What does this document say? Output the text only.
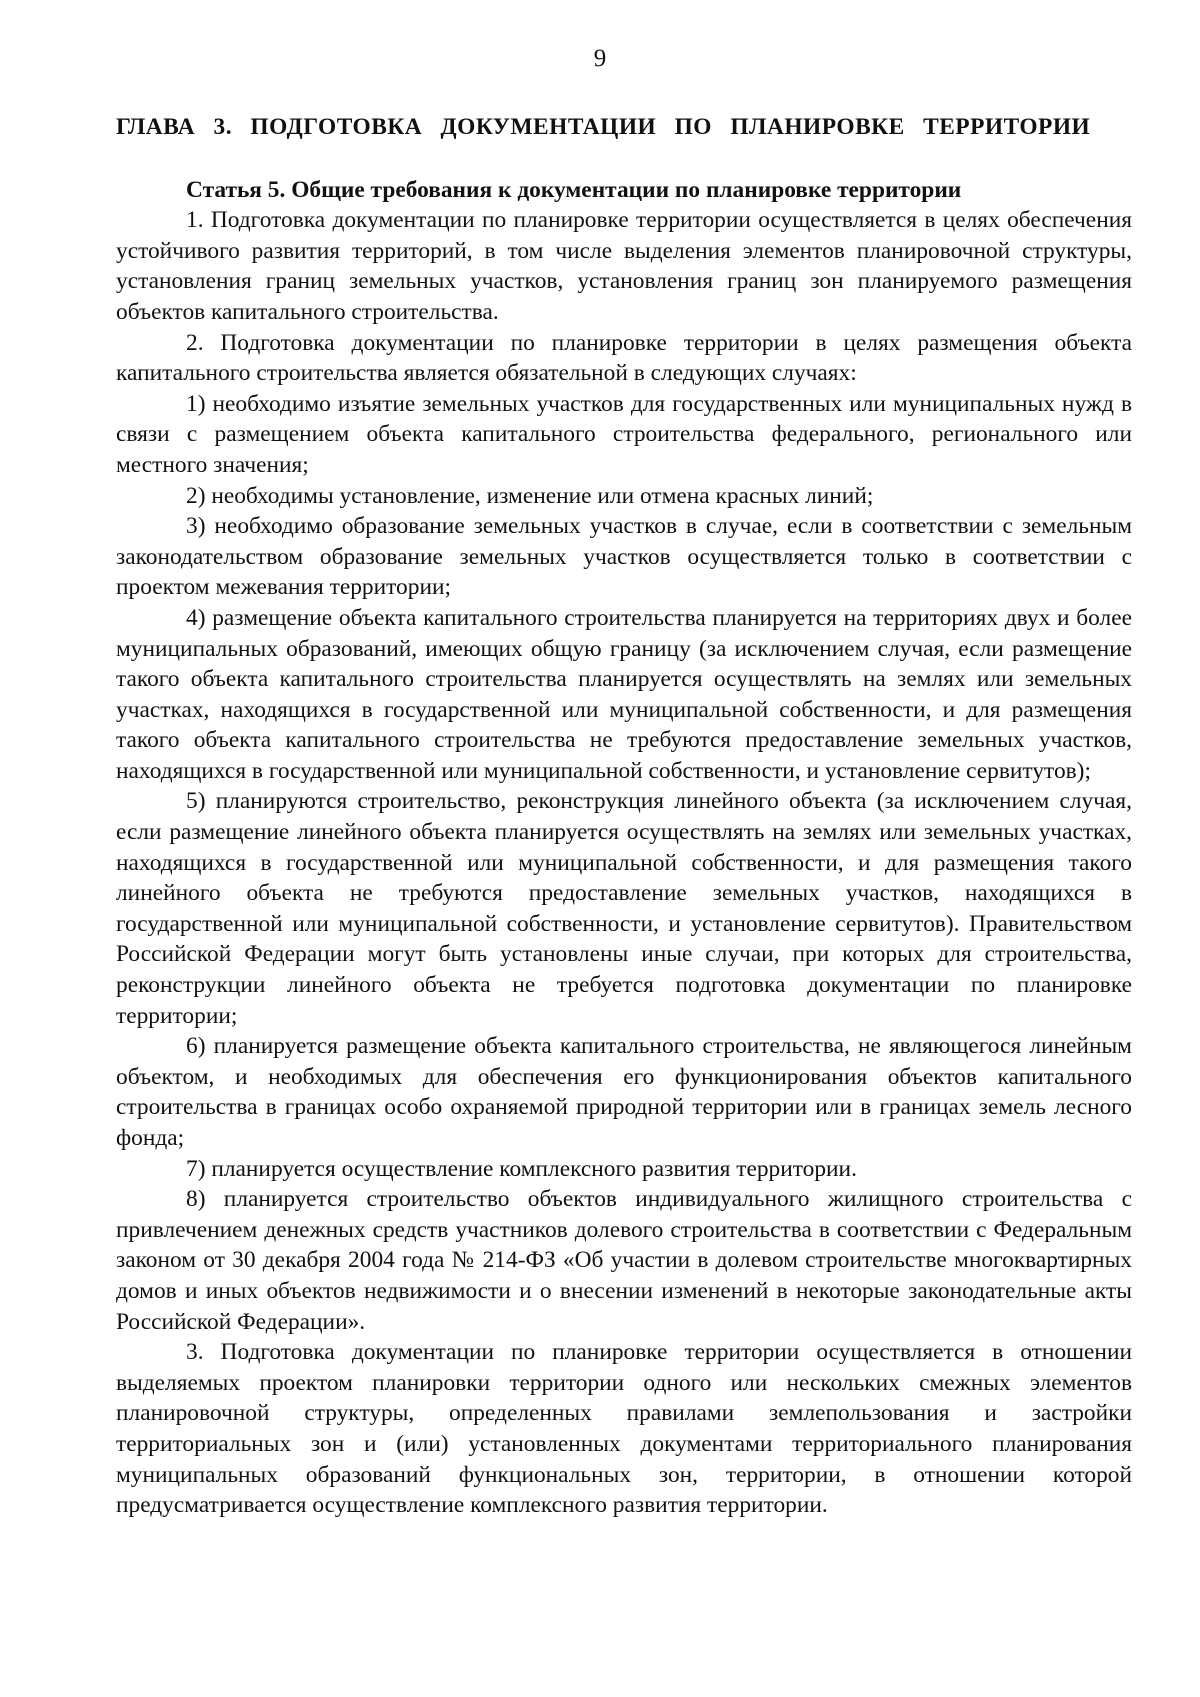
9
ГЛАВА 3. ПОДГОТОВКА ДОКУМЕНТАЦИИ ПО ПЛАНИРОВКЕ ТЕРРИТОРИИ
Статья 5. Общие требования к документации по планировке территории

1. Подготовка документации по планировке территории осуществляется в целях обеспечения устойчивого развития территорий, в том числе выделения элементов планировочной структуры, установления границ земельных участков, установления границ зон планируемого размещения объектов капитального строительства.

2. Подготовка документации по планировке территории в целях размещения объекта капитального строительства является обязательной в следующих случаях:

1) необходимо изъятие земельных участков для государственных или муниципальных нужд в связи с размещением объекта капитального строительства федерального, регионального или местного значения;

2) необходимы установление, изменение или отмена красных линий;

3) необходимо образование земельных участков в случае, если в соответствии с земельным законодательством образование земельных участков осуществляется только в соответствии с проектом межевания территории;

4) размещение объекта капитального строительства планируется на территориях двух и более муниципальных образований, имеющих общую границу (за исключением случая, если размещение такого объекта капитального строительства планируется осуществлять на землях или земельных участках, находящихся в государственной или муниципальной собственности, и для размещения такого объекта капитального строительства не требуются предоставление земельных участков, находящихся в государственной или муниципальной собственности, и установление сервитутов);

5) планируются строительство, реконструкция линейного объекта (за исключением случая, если размещение линейного объекта планируется осуществлять на землях или земельных участках, находящихся в государственной или муниципальной собственности, и для размещения такого линейного объекта не требуются предоставление земельных участков, находящихся в государственной или муниципальной собственности, и установление сервитутов). Правительством Российской Федерации могут быть установлены иные случаи, при которых для строительства, реконструкции линейного объекта не требуется подготовка документации по планировке территории;

6) планируется размещение объекта капитального строительства, не являющегося линейным объектом, и необходимых для обеспечения его функционирования объектов капитального строительства в границах особо охраняемой природной территории или в границах земель лесного фонда;

7) планируется осуществление комплексного развития территории.

8) планируется строительство объектов индивидуального жилищного строительства с привлечением денежных средств участников долевого строительства в соответствии с Федеральным законом от 30 декабря 2004 года № 214-ФЗ «Об участии в долевом строительстве многоквартирных домов и иных объектов недвижимости и о внесении изменений в некоторые законодательные акты Российской Федерации».

3. Подготовка документации по планировке территории осуществляется в отношении выделяемых проектом планировки территории одного или нескольких смежных элементов планировочной структуры, определенных правилами землепользования и застройки территориальных зон и (или) установленных документами территориального планирования муниципальных образований функциональных зон, территории, в отношении которой предусматривается осуществление комплексного развития территории.
